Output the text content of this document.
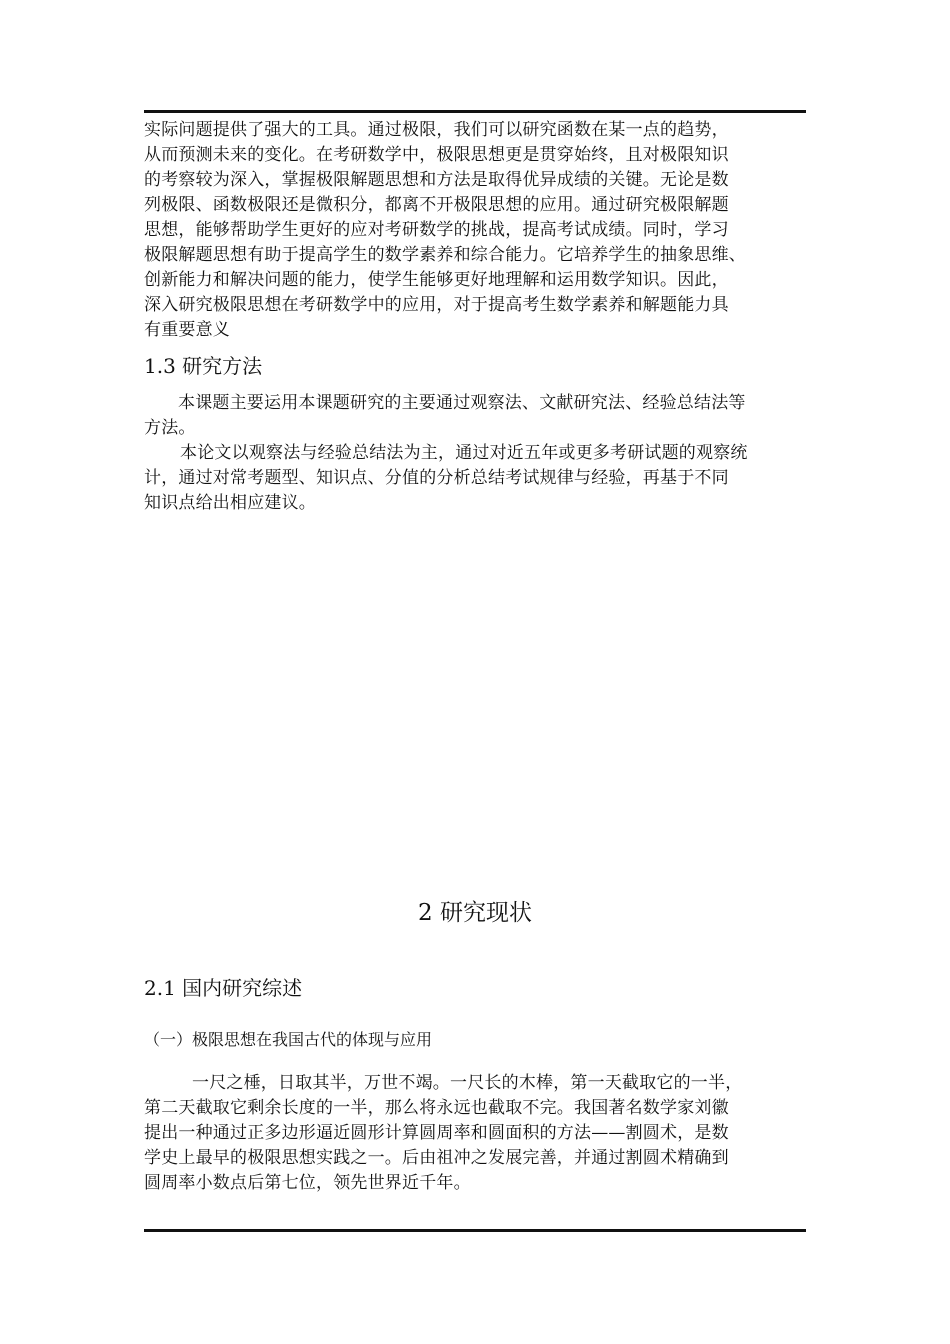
实际问题提供了强大的工具。通过极限，我们可以研究函数在某一点的趋势，
从而预测未来的变化。在考研数学中，极限思想更是贯穿始终，且对极限知识
的考察较为深入，掌握极限解题思想和方法是取得优异成绩的关键。无论是数
列极限、函数极限还是微积分，都离不开极限思想的应用。通过研究极限解题
思想，能够帮助学生更好的应对考研数学的挑战，提高考试成绩。同时，学习
极限解题思想有助于提高学生的数学素养和综合能力。它培养学生的抽象思维、
创新能力和解决问题的能力，使学生能够更好地理解和运用数学知识。因此，
深入研究极限思想在考研数学中的应用，对于提高考生数学素养和解题能力具
有重要意义
1.3 研究方法
本课题主要运用本课题研究的主要通过观察法、文献研究法、经验总结法等
方法。
本论文以观察法与经验总结法为主，通过对近五年或更多考研试题的观察统
计，通过对常考题型、知识点、分值的分析总结考试规律与经验，再基于不同
知识点给出相应建议。
2 研究现状
2.1 国内研究综述
（一）极限思想在我国古代的体现与应用
一尺之棰，日取其半，万世不竭。一尺长的木棒，第一天截取它的一半，
第二天截取它剩余长度的一半，那么将永远也截取不完。我国著名数学家刘徽
提出一种通过正多边形逼近圆形计算圆周率和圆面积的方法——割圆术，是数
学史上最早的极限思想实践之一。后由祖冲之发展完善，并通过割圆术精确到
圆周率小数点后第七位，领先世界近千年。
